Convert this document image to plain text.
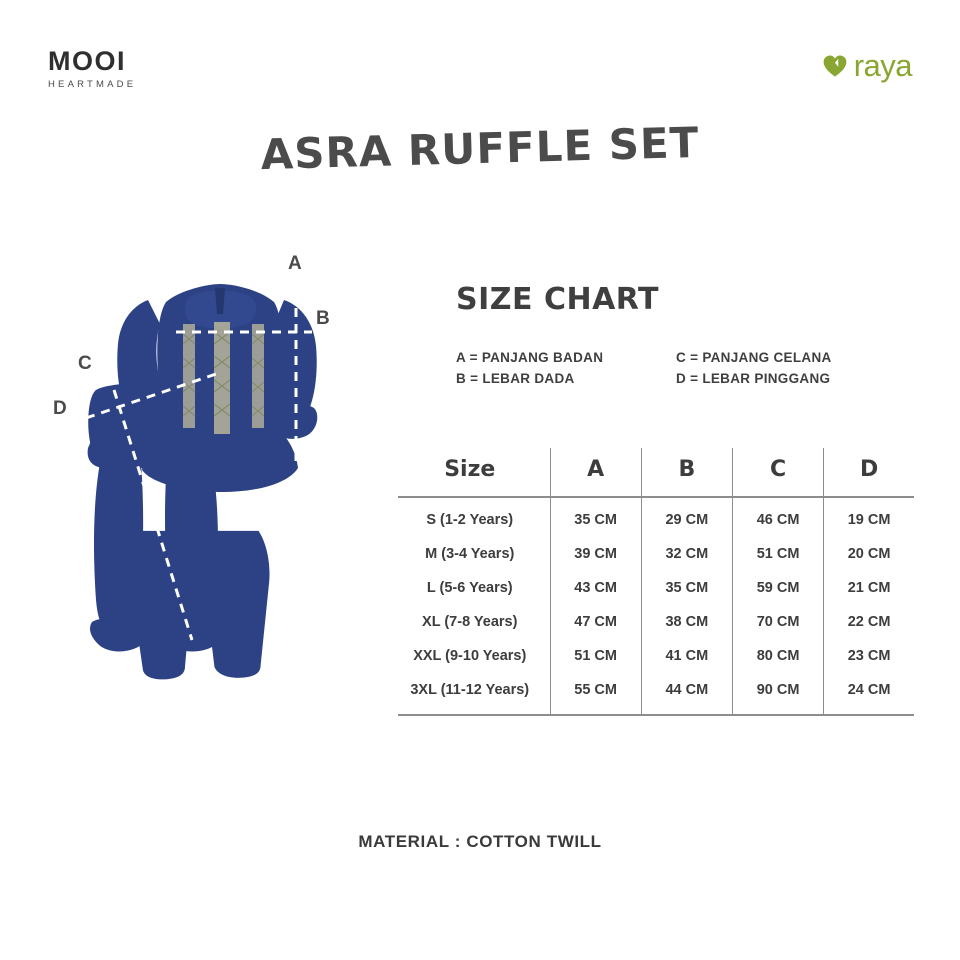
MOOI
HEARTMADE
raya
ASRA RUFFLE SET
A
B
C
D
SIZE CHART
A = PANJANG BADAN	C = PANJANG CELANA
B = LEBAR DADA	D = LEBAR PINGGANG
Size	A	B	C	D
S (1-2 Years)	35 CM	29 CM	46 CM	19 CM
M (3-4 Years)	39 CM	32 CM	51 CM	20 CM
L (5-6 Years)	43 CM	35 CM	59 CM	21 CM
XL (7-8 Years)	47 CM	38 CM	70 CM	22 CM
XXL (9-10 Years)	51 CM	41 CM	80 CM	23 CM
3XL (11-12 Years)	55 CM	44 CM	90 CM	24 CM
MATERIAL : COTTON TWILL
